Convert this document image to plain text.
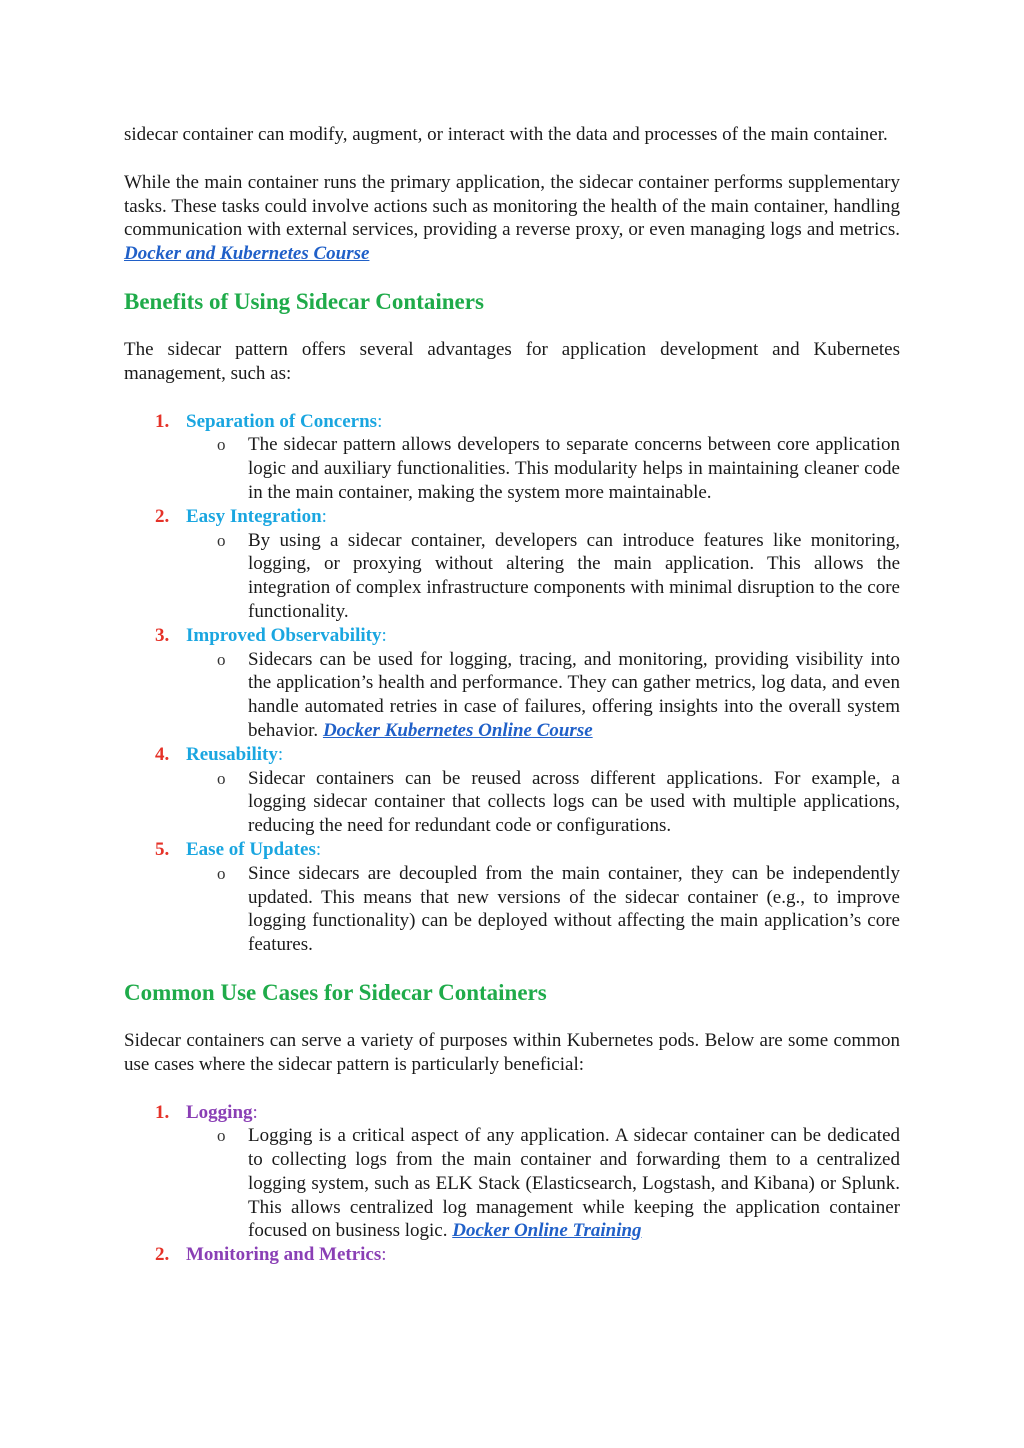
sidecar container can modify, augment, or interact with the data and processes of the main container.

While the main container runs the primary application, the sidecar container performs supplementary tasks. These tasks could involve actions such as monitoring the health of the main container, handling communication with external services, providing a reverse proxy, or even managing logs and metrics. Docker and Kubernetes Course

Benefits of Using Sidecar Containers

The sidecar pattern offers several advantages for application development and Kubernetes management, such as:

1. Separation of Concerns:
o The sidecar pattern allows developers to separate concerns between core application logic and auxiliary functionalities. This modularity helps in maintaining cleaner code in the main container, making the system more maintainable.
2. Easy Integration:
o By using a sidecar container, developers can introduce features like monitoring, logging, or proxying without altering the main application. This allows the integration of complex infrastructure components with minimal disruption to the core functionality.
3. Improved Observability:
o Sidecars can be used for logging, tracing, and monitoring, providing visibility into the application’s health and performance. They can gather metrics, log data, and even handle automated retries in case of failures, offering insights into the overall system behavior. Docker Kubernetes Online Course
4. Reusability:
o Sidecar containers can be reused across different applications. For example, a logging sidecar container that collects logs can be used with multiple applications, reducing the need for redundant code or configurations.
5. Ease of Updates:
o Since sidecars are decoupled from the main container, they can be independently updated. This means that new versions of the sidecar container (e.g., to improve logging functionality) can be deployed without affecting the main application’s core features.
Common Use Cases for Sidecar Containers

Sidecar containers can serve a variety of purposes within Kubernetes pods. Below are some common use cases where the sidecar pattern is particularly beneficial:

1. Logging:
o Logging is a critical aspect of any application. A sidecar container can be dedicated to collecting logs from the main container and forwarding them to a centralized logging system, such as ELK Stack (Elasticsearch, Logstash, and Kibana) or Splunk. This allows centralized log management while keeping the application container focused on business logic. Docker Online Training
2. Monitoring and Metrics:
